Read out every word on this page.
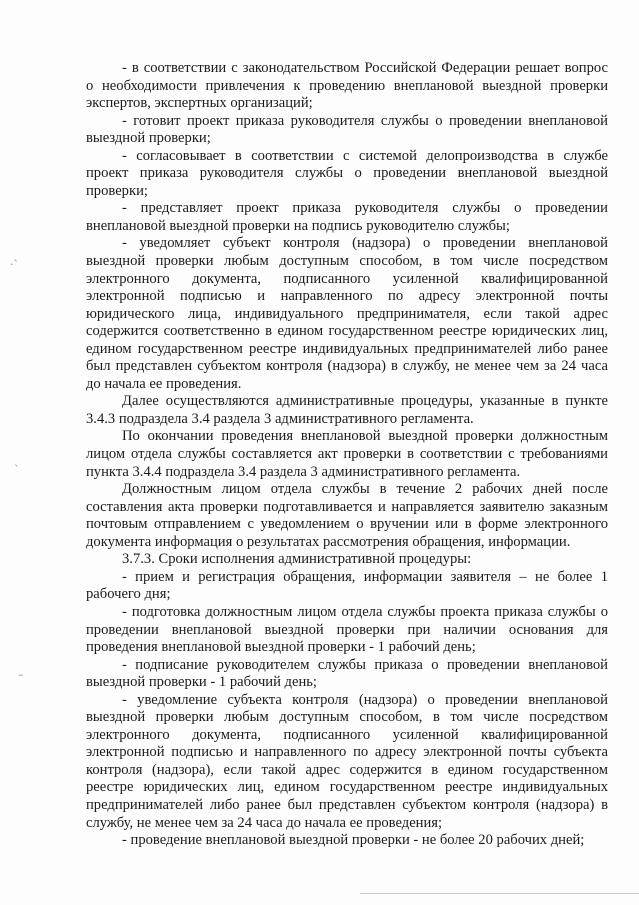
·ˋ
ˋ
–

- в соответствии с законодательством Российской Федерации решает вопрос о необходимости привлечения к проведению внеплановой выездной проверки экспертов, экспертных организаций;

- готовит проект приказа руководителя службы о проведении внеплановой выездной проверки;

- согласовывает в соответствии с системой делопроизводства в службе проект приказа руководителя службы о проведении внеплановой выездной проверки;

- представляет проект приказа руководителя службы о проведении внеплановой выездной проверки на подпись руководителю службы;

- уведомляет субъект контроля (надзора) о проведении внеплановой выездной проверки любым доступным способом, в том числе посредством электронного документа, подписанного усиленной квалифицированной электронной подписью и направленного по адресу электронной почты юридического лица, индивидуального предпринимателя, если такой адрес содержится соответственно в едином государственном реестре юридических лиц, едином государственном реестре индивидуальных предпринимателей либо ранее был представлен субъектом контроля (надзора) в службу, не менее чем за 24 часа до начала ее проведения.

Далее осуществляются административные процедуры, указанные в пункте 3.4.3 подраздела 3.4 раздела 3 административного регламента.

По окончании проведения внеплановой выездной проверки должностным лицом отдела службы составляется акт проверки в соответствии с требованиями пункта 3.4.4 подраздела 3.4 раздела 3 административного регламента.

Должностным лицом отдела службы в течение 2 рабочих дней после составления акта проверки подготавливается и направляется заявителю заказным почтовым отправлением с уведомлением о вручении или в форме электронного документа информация о результатах рассмотрения обращения, информации.

3.7.3. Сроки исполнения административной процедуры:

- прием и регистрация обращения, информации заявителя – не более 1 рабочего дня;

- подготовка должностным лицом отдела службы проекта приказа службы о проведении внеплановой выездной проверки при наличии основания для проведения внеплановой выездной проверки - 1 рабочий день;

- подписание руководителем службы приказа о проведении внеплановой выездной проверки - 1 рабочий день;

- уведомление субъекта контроля (надзора) о проведении внеплановой выездной проверки любым доступным способом, в том числе посредством электронного документа, подписанного усиленной квалифицированной электронной подписью и направленного по адресу электронной почты субъекта контроля (надзора), если такой адрес содержится в едином государственном реестре юридических лиц, едином государственном реестре индивидуальных предпринимателей либо ранее был представлен субъектом контроля (надзора) в службу, не менее чем за 24 часа до начала ее проведения;

- проведение внеплановой выездной проверки - не более 20 рабочих дней;
